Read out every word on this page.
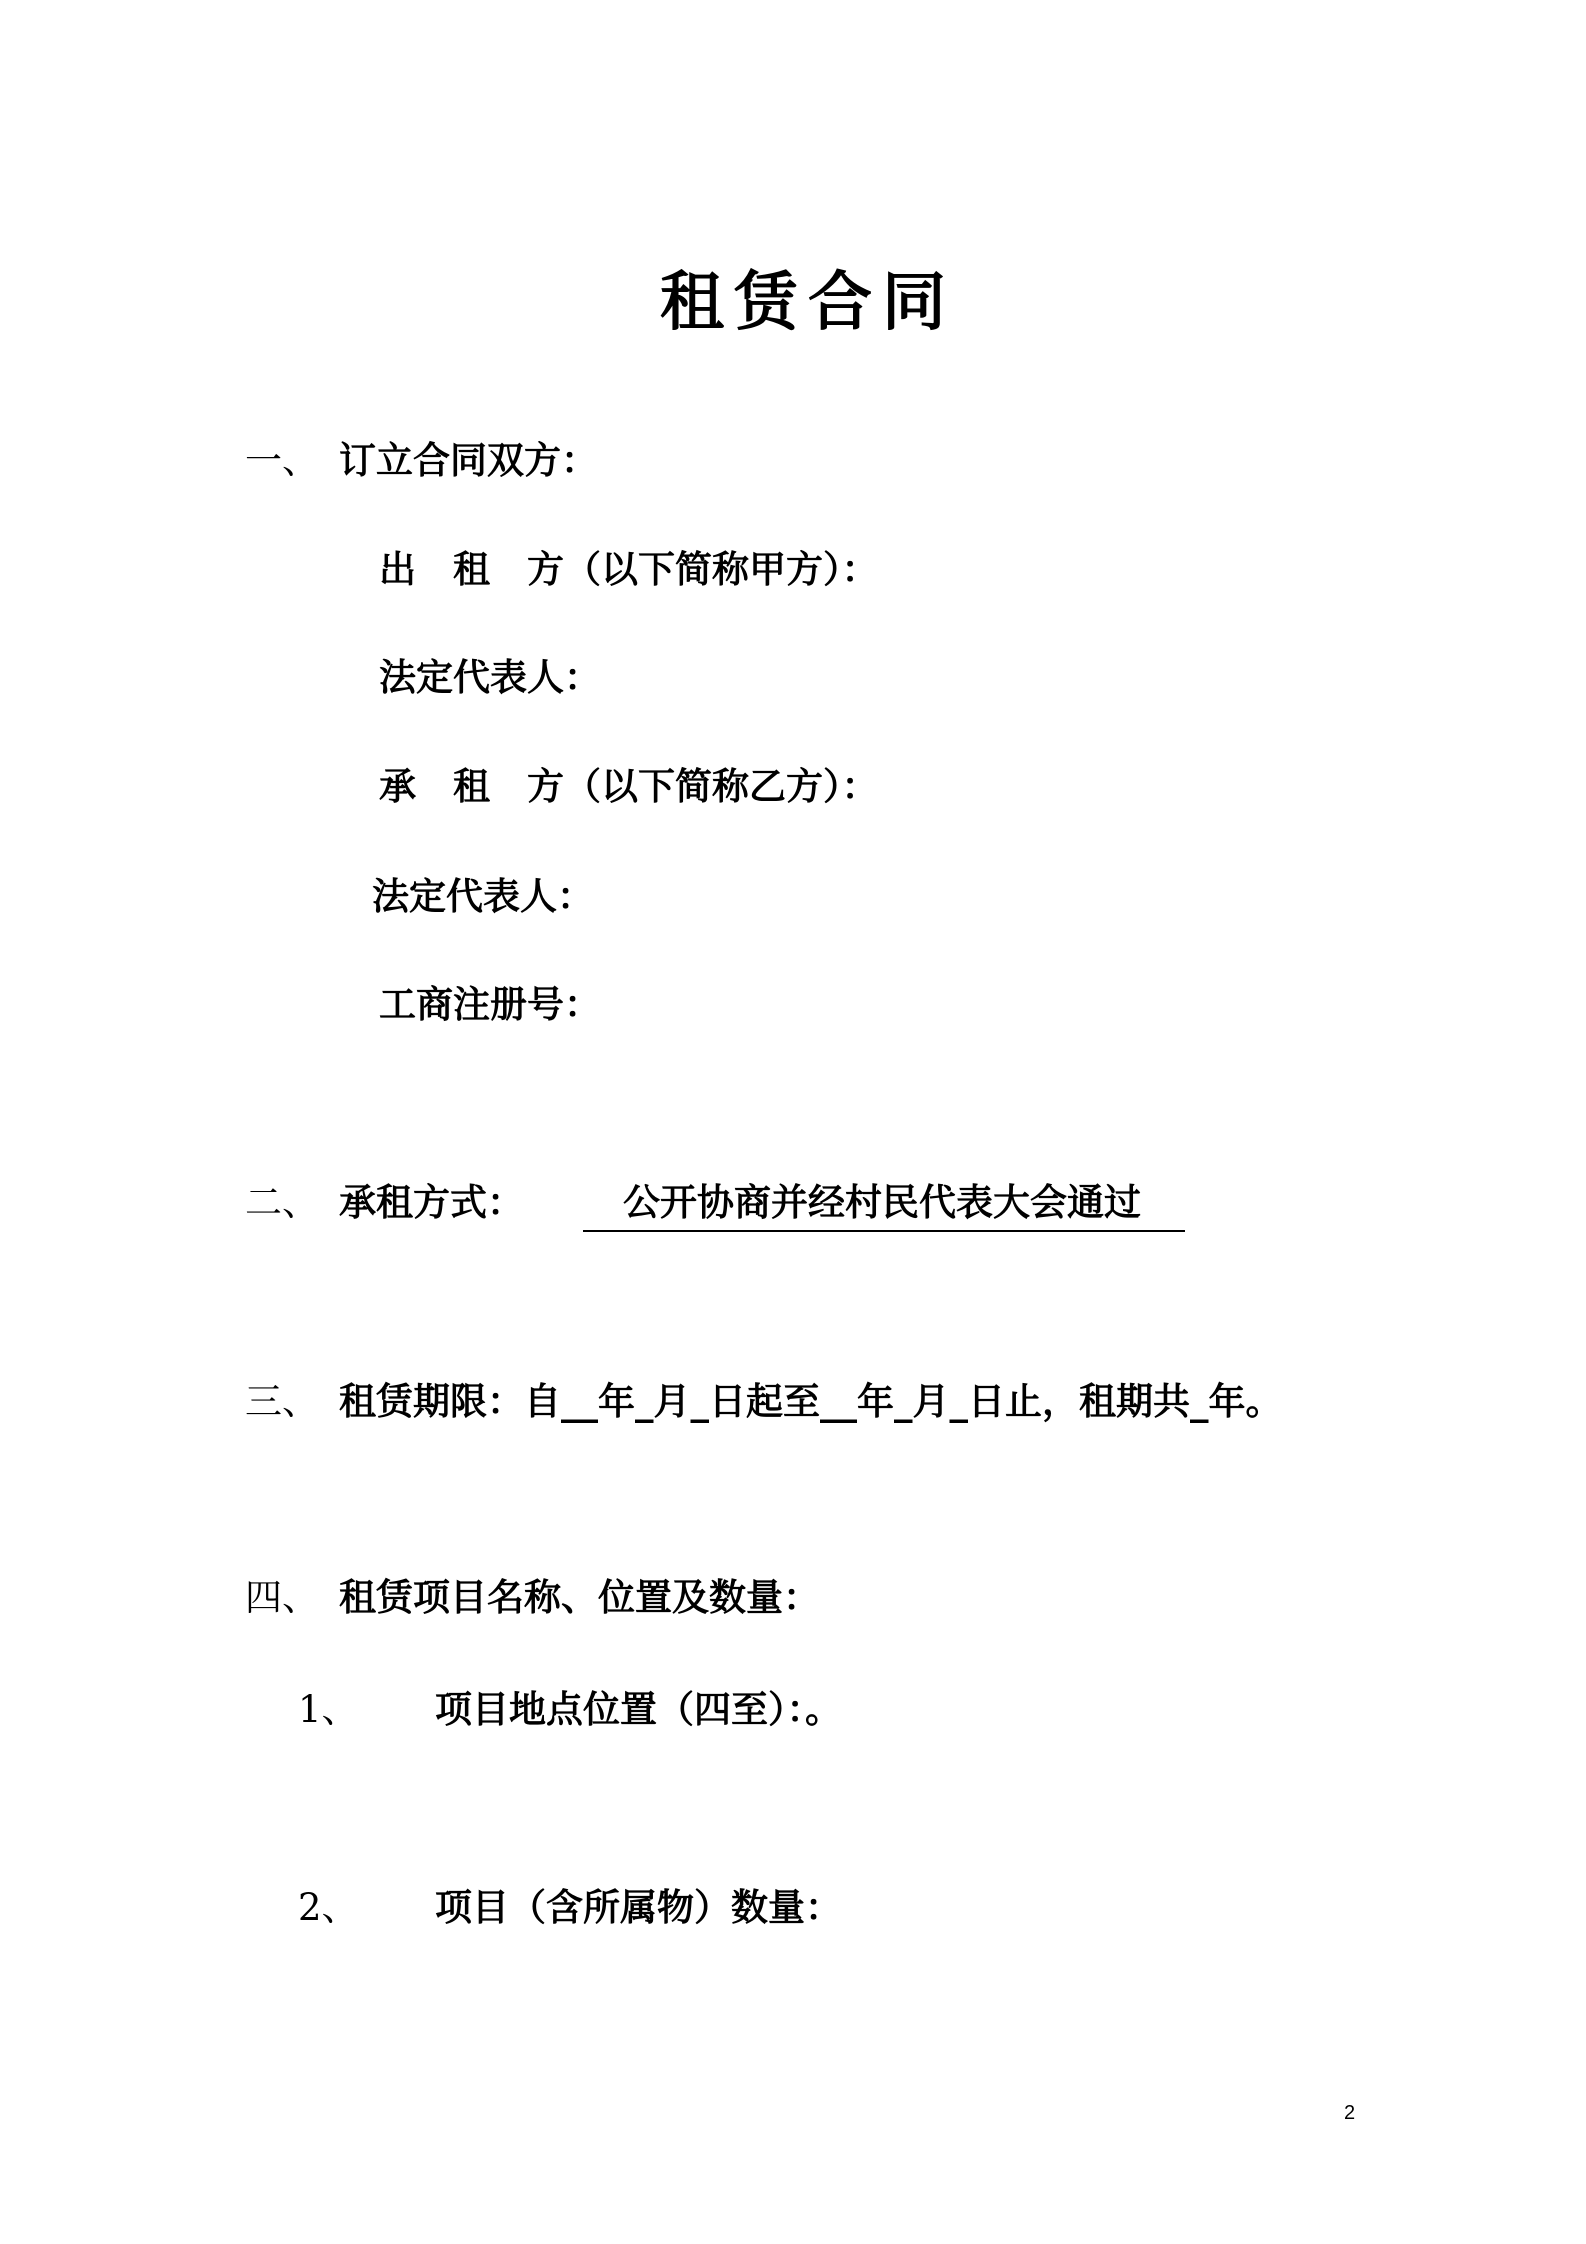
租赁合同
一、 订立合同双方：
出　租　方（以下简称甲方）：
法定代表人：
承　租　方（以下简称乙方）：
法定代表人：
工商注册号：
二、 承租方式：	公开协商并经村民代表大会通过
三、 租赁期限：自__年_月_日起至__年_月_日止，租期共_年。
四、 租赁项目名称、位置及数量：
1、 项目地点位置（四至）：。
2、 项目（含所属物）数量：
2
